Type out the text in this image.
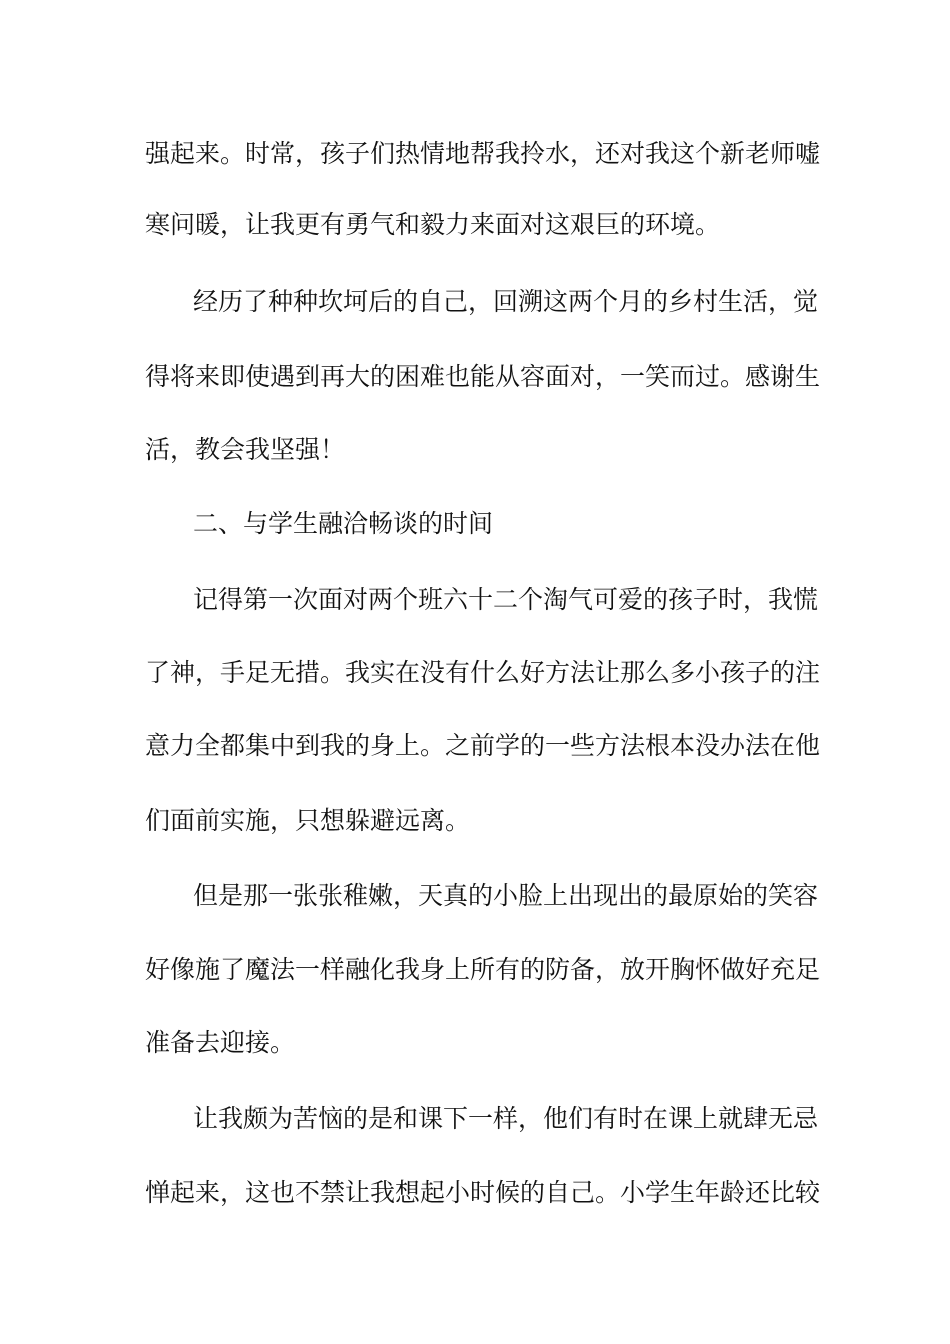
强起来。时常，孩子们热情地帮我拎水，还对我这个新老师嘘
寒问暖，让我更有勇气和毅力来面对这艰巨的环境。
经历了种种坎坷后的自己，回溯这两个月的乡村生活，觉
得将来即使遇到再大的困难也能从容面对，一笑而过。感谢生
活，教会我坚强！
二、与学生融洽畅谈的时间
记得第一次面对两个班六十二个淘气可爱的孩子时，我慌
了神，手足无措。我实在没有什么好方法让那么多小孩子的注
意力全都集中到我的身上。之前学的一些方法根本没办法在他
们面前实施，只想躲避远离。
但是那一张张稚嫩，天真的小脸上出现出的最原始的笑容
好像施了魔法一样融化我身上所有的防备，放开胸怀做好充足
准备去迎接。
让我颇为苦恼的是和课下一样，他们有时在课上就肆无忌
惮起来，这也不禁让我想起小时候的自己。小学生年龄还比较
